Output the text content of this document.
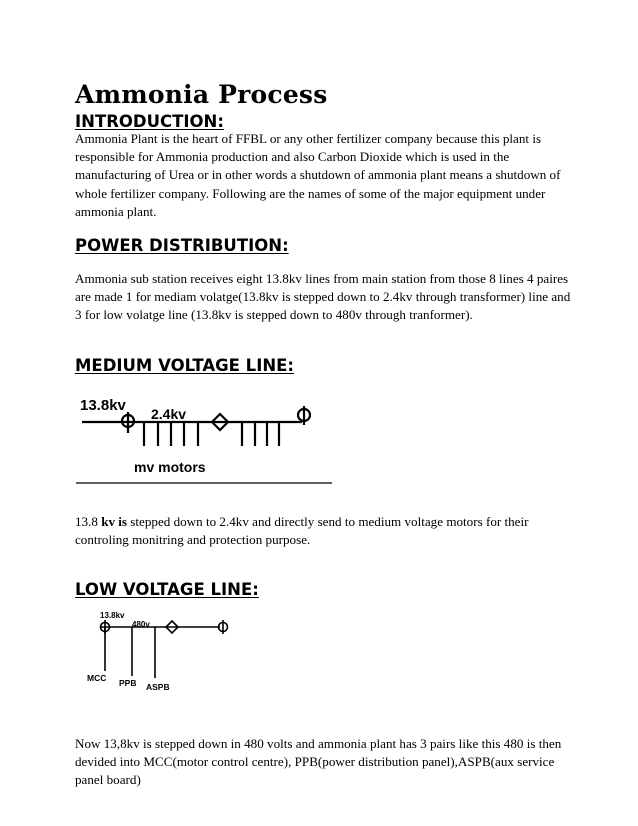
Ammonia Process
INTRODUCTION:

Ammonia Plant is the heart of FFBL or any other fertilizer company because this plant is responsible for Ammonia production and also Carbon Dioxide which is used in the manufacturing of Urea or in other words a shutdown of ammonia plant means a shutdown of whole fertilizer company. Following are the names of some of the major equipment under ammonia plant.

POWER DISTRIBUTION:

Ammonia sub station receives eight 13.8kv lines from main station from those 8 lines 4 paires are made 1 for mediam volatge(13.8kv is stepped down to 2.4kv through transformer) line and 3 for low volatge line (13.8kv is stepped down to 480v through tranformer).

MEDIUM VOLTAGE LINE:
13.8kv 2.4kv
mv motors

13.8 kv is stepped down to 2.4kv and directly send to medium voltage motors for their controling monitring and protection purpose.

LOW VOLTAGE LINE:
13.8kv
480v
MCC PPB ASPB

Now 13,8kv is stepped down in 480 volts and ammonia plant has 3 pairs like this 480 is then devided into MCC(motor control centre), PPB(power distribution panel),ASPB(aux service panel board)
